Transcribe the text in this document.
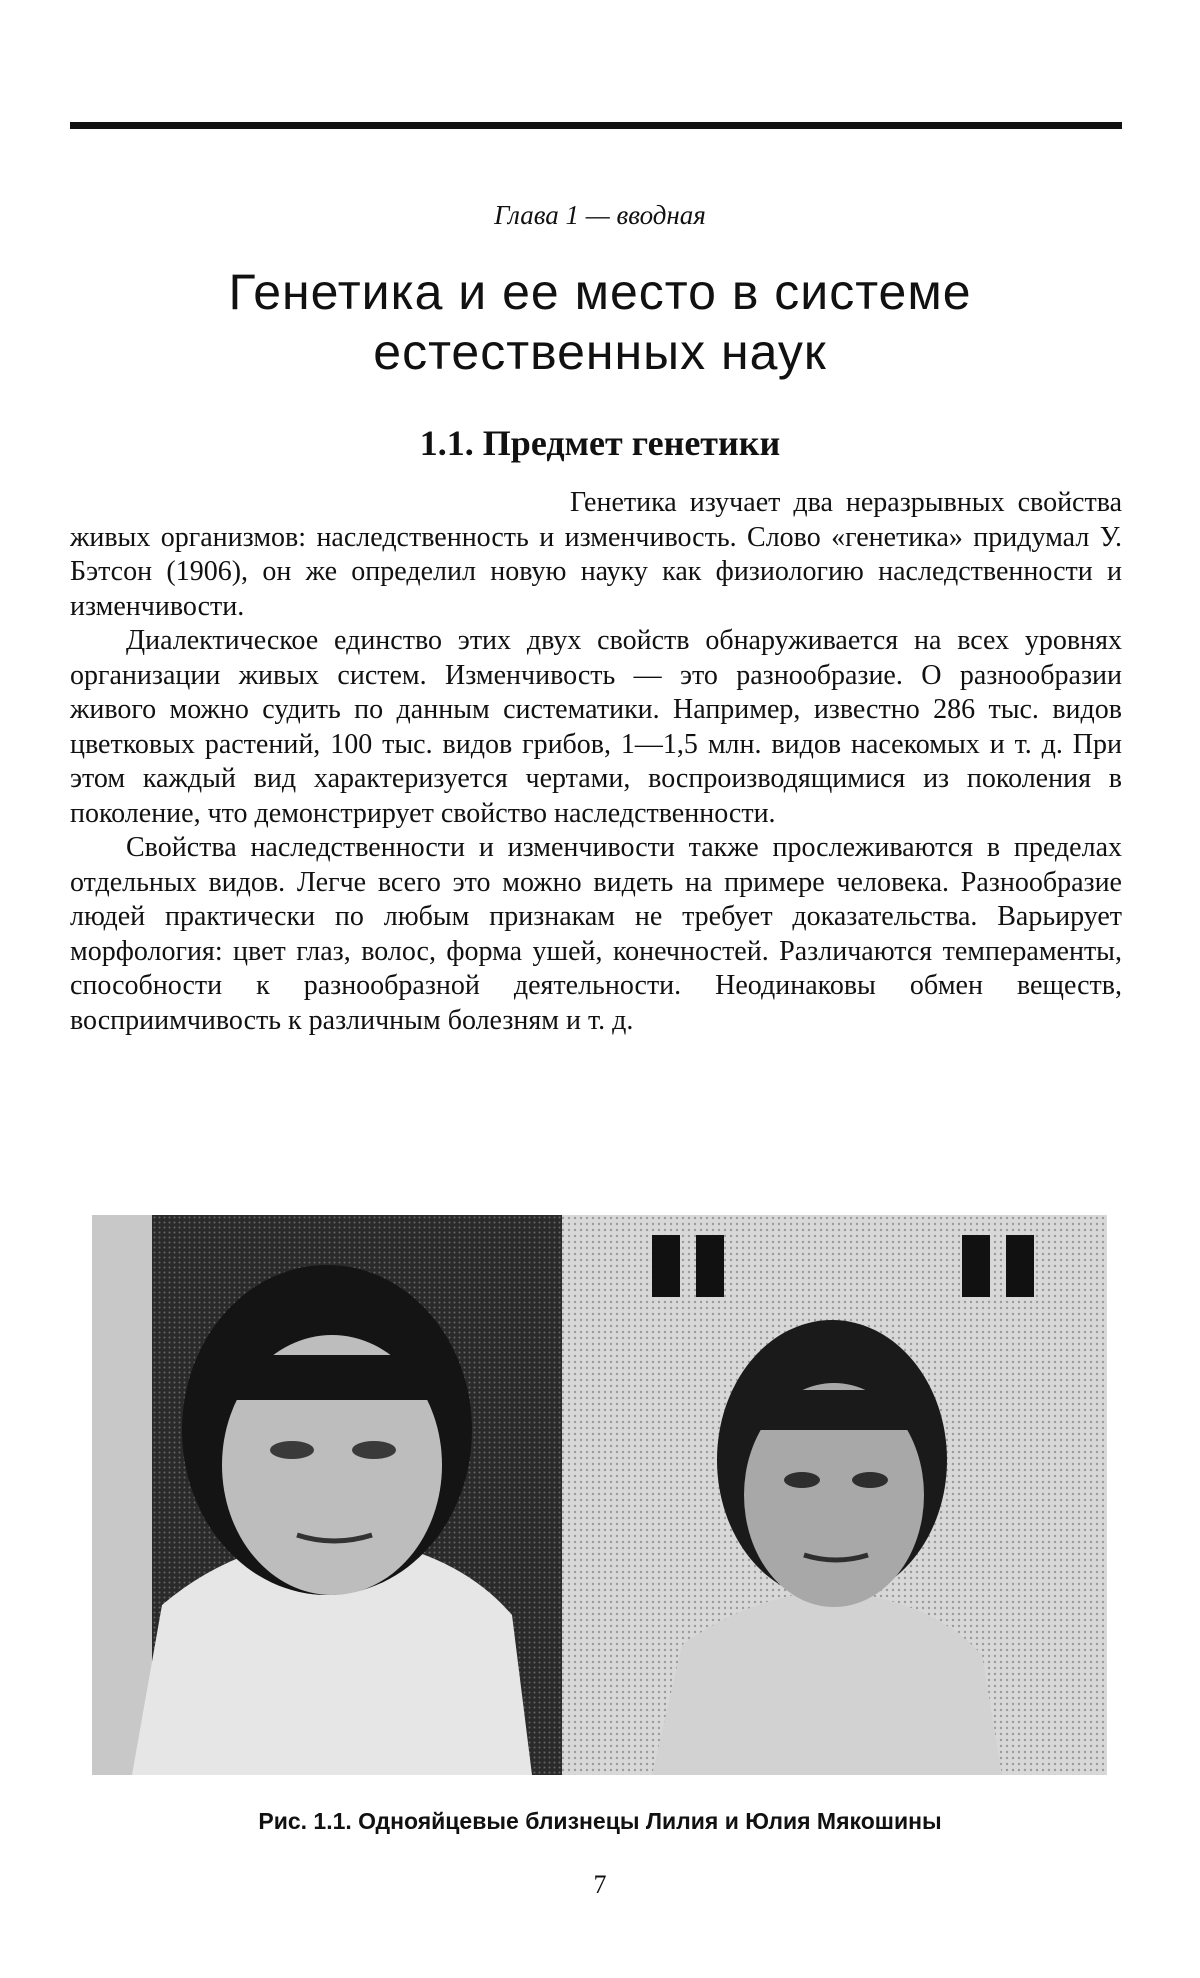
Глава 1 — вводная
Генетика и ее место в системе
естественных наук
1.1. Предмет генетики

Генетика изучает два неразрывных свойства живых организмов: наследственность и изменчивость. Слово «генетика» придумал У. Бэтсон (1906), он же определил новую науку как физиологию наследственности и изменчивости.

Диалектическое единство этих двух свойств обнаруживается на всех уровнях организации живых систем. Изменчивость — это разнообразие. О разнообразии живого можно судить по данным систематики. Например, известно 286 тыс. видов цветковых растений, 100 тыс. видов грибов, 1—1,5 млн. видов насекомых и т. д. При этом каждый вид характеризуется чертами, воспроизводящимися из поколения в поколение, что демонстрирует свойство наследственности.

Свойства наследственности и изменчивости также прослеживаются в пределах отдельных видов. Легче всего это можно видеть на примере человека. Разнообразие людей практически по любым признакам не требует доказательства. Варьирует морфология: цвет глаз, волос, форма ушей, конечностей. Различаются темпераменты, способности к разнообразной деятельности. Неодинаковы обмен веществ, восприимчивость к различным болезням и т. д.

Рис. 1.1. Однояйцевые близнецы Лилия и Юлия Мякошины
7
